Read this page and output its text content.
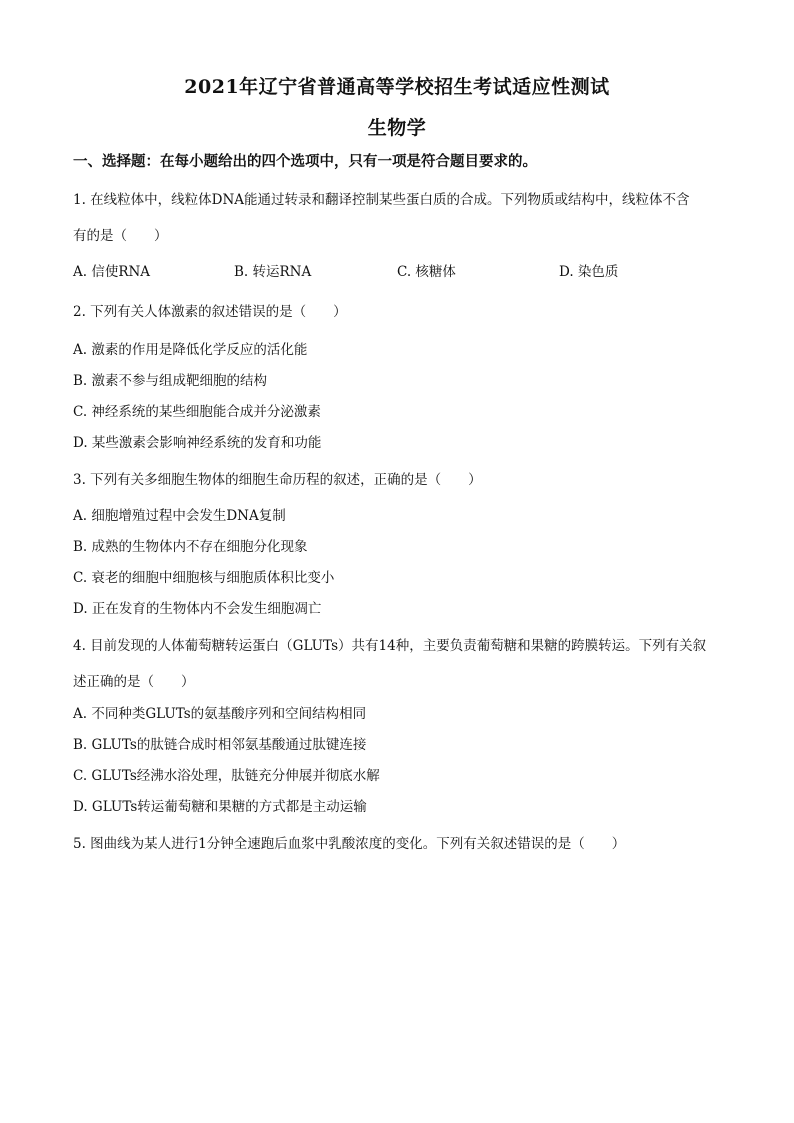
2021年辽宁省普通高等学校招生考试适应性测试
生物学
一、选择题：在每小题给出的四个选项中，只有一项是符合题目要求的。
1. 在线粒体中，线粒体DNA能通过转录和翻译控制某些蛋白质的合成。下列物质或结构中，线粒体不含
有的是（　　）
A. 信使RNA	B. 转运RNA	C. 核糖体	D. 染色质
2. 下列有关人体激素的叙述错误的是（　　）
A. 激素的作用是降低化学反应的活化能
B. 激素不参与组成靶细胞的结构
C. 神经系统的某些细胞能合成并分泌激素
D. 某些激素会影响神经系统的发育和功能
3. 下列有关多细胞生物体的细胞生命历程的叙述，正确的是（　　）
A. 细胞增殖过程中会发生DNA复制
B. 成熟的生物体内不存在细胞分化现象
C. 衰老的细胞中细胞核与细胞质体积比变小
D. 正在发育的生物体内不会发生细胞凋亡
4. 目前发现的人体葡萄糖转运蛋白（GLUTs）共有14种，主要负责葡萄糖和果糖的跨膜转运。下列有关叙
述正确的是（　　）
A. 不同种类GLUTs的氨基酸序列和空间结构相同
B. GLUTs的肽链合成时相邻氨基酸通过肽键连接
C. GLUTs经沸水浴处理，肽链充分伸展并彻底水解
D. GLUTs转运葡萄糖和果糖的方式都是主动运输
5. 图曲线为某人进行1分钟全速跑后血浆中乳酸浓度的变化。下列有关叙述错误的是（　　）
